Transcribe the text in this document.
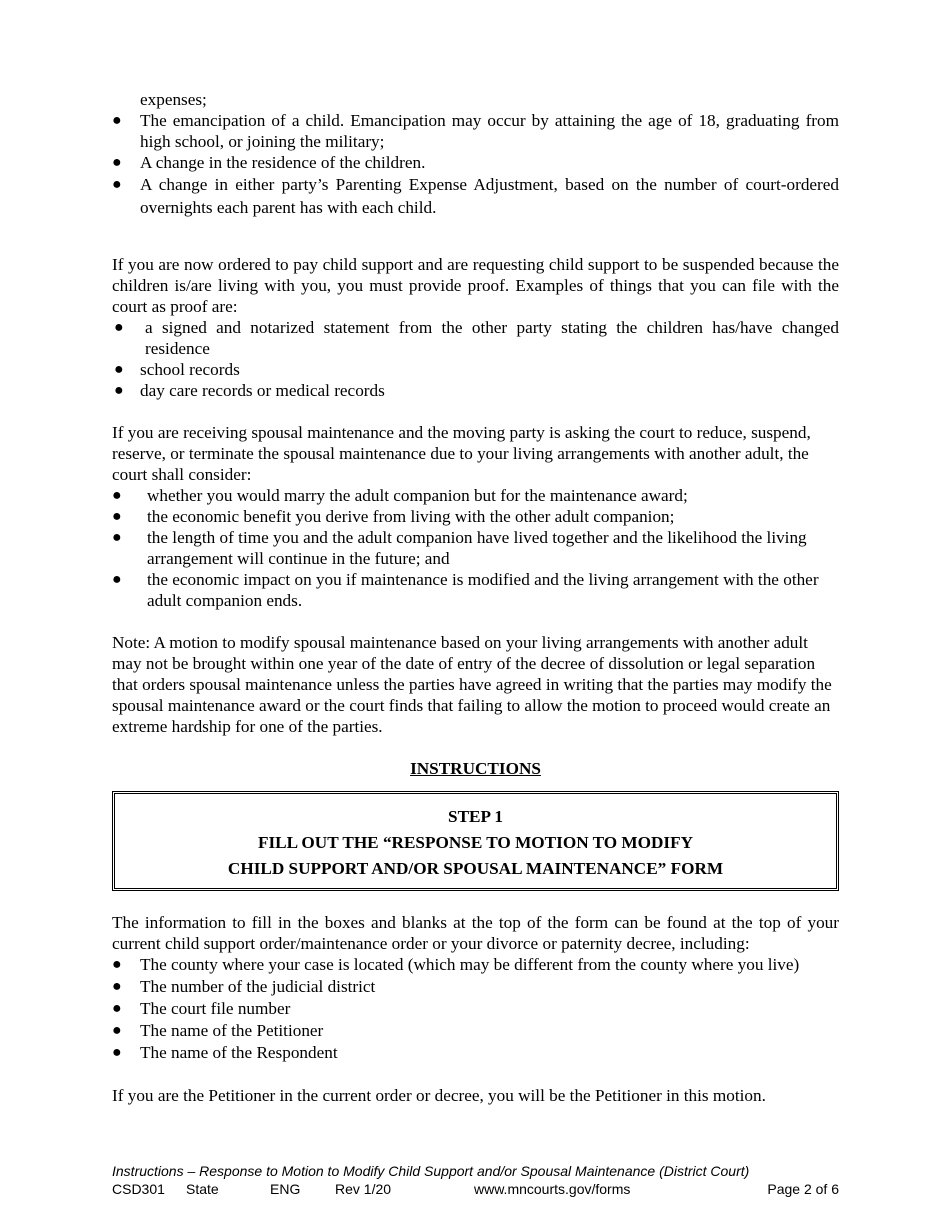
expenses;
● The emancipation of a child. Emancipation may occur by attaining the age of 18, graduating from high school, or joining the military;
● A change in the residence of the children.
● A change in either party’s Parenting Expense Adjustment, based on the number of court-ordered overnights each parent has with each child.

If you are now ordered to pay child support and are requesting child support to be suspended because the children is/are living with you, you must provide proof. Examples of things that you can file with the court as proof are:

● a signed and notarized statement from the other party stating the children has/have changed residence
● school records
● day care records or medical records

If you are receiving spousal maintenance and the moving party is asking the court to reduce, suspend, reserve, or terminate the spousal maintenance due to your living arrangements with another adult, the court shall consider:

● whether you would marry the adult companion but for the maintenance award;
● the economic benefit you derive from living with the other adult companion;
● the length of time you and the adult companion have lived together and the likelihood the living arrangement will continue in the future; and
● the economic impact on you if maintenance is modified and the living arrangement with the other adult companion ends.

Note: A motion to modify spousal maintenance based on your living arrangements with another adult may not be brought within one year of the date of entry of the decree of dissolution or legal separation that orders spousal maintenance unless the parties have agreed in writing that the parties may modify the spousal maintenance award or the court finds that failing to allow the motion to proceed would create an extreme hardship for one of the parties.

INSTRUCTIONS
STEP 1
FILL OUT THE “RESPONSE TO MOTION TO MODIFY
CHILD SUPPORT AND/OR SPOUSAL MAINTENANCE” FORM

The information to fill in the boxes and blanks at the top of the form can be found at the top of your current child support order/maintenance order or your divorce or paternity decree, including:

● The county where your case is located (which may be different from the county where you live)
● The number of the judicial district
● The court file number
● The name of the Petitioner
● The name of the Respondent

If you are the Petitioner in the current order or decree, you will be the Petitioner in this motion.

Instructions – Response to Motion to Modify Child Support and/or Spousal Maintenance (District Court)
CSD301 State	ENG Rev 1/20	www.mncourts.gov/forms	Page 2 of 6
